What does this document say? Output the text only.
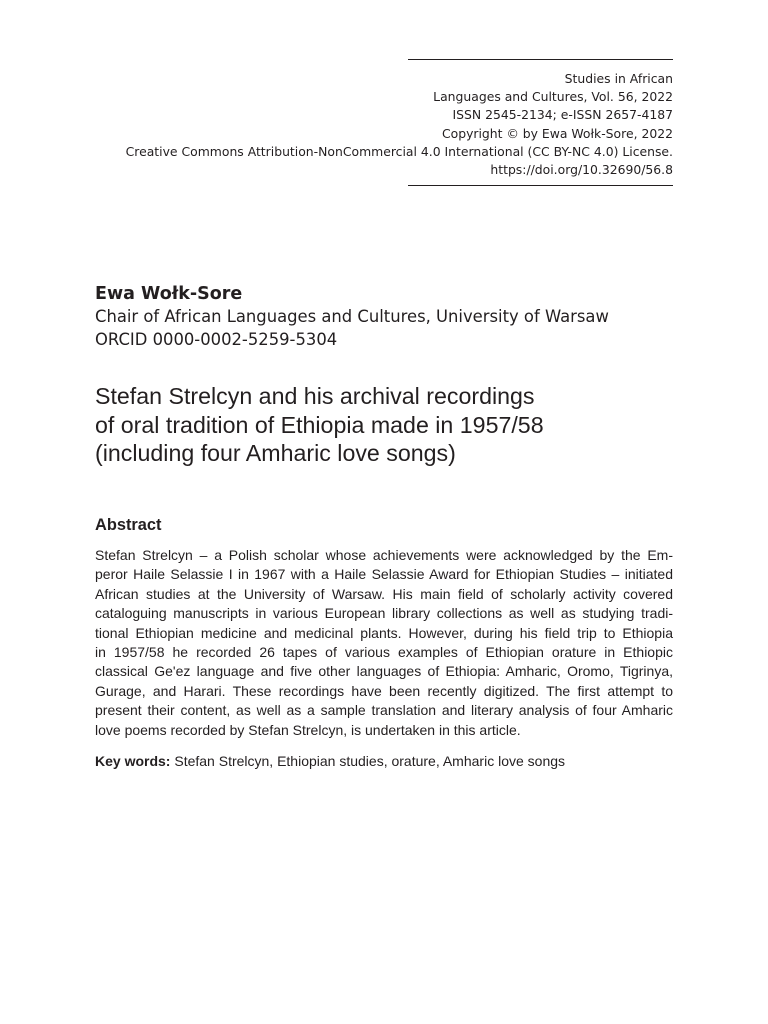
Studies in African
Languages and Cultures, Vol. 56, 2022
ISSN 2545-2134; e-ISSN 2657-4187
Copyright © by Ewa Wołk-Sore, 2022
Creative Commons Attribution-NonCommercial 4.0 International (CC BY-NC 4.0) License.
https://doi.org/10.32690/56.8
Ewa Wołk-Sore
Chair of African Languages and Cultures, University of Warsaw
ORCID 0000-0002-5259-5304
Stefan Strelcyn and his archival recordings
of oral tradition of Ethiopia made in 1957/58
(including four Amharic love songs)
Abstract
Stefan Strelcyn – a Polish scholar whose achievements were acknowledged by the Em-
peror Haile Selassie I in 1967 with a Haile Selassie Award for Ethiopian Studies – initiated
African studies at the University of Warsaw. His main field of scholarly activity covered
cataloguing manuscripts in various European library collections as well as studying tradi-
tional Ethiopian medicine and medicinal plants. However, during his field trip to Ethiopia
in 1957/58 he recorded 26 tapes of various examples of Ethiopian orature in Ethiopic
classical Ge'ez language and five other languages of Ethiopia: Amharic, Oromo, Tigrinya,
Gurage, and Harari. These recordings have been recently digitized. The first attempt to
present their content, as well as a sample translation and literary analysis of four Amharic
love poems recorded by Stefan Strelcyn, is undertaken in this article.
Key words: Stefan Strelcyn, Ethiopian studies, orature, Amharic love songs
